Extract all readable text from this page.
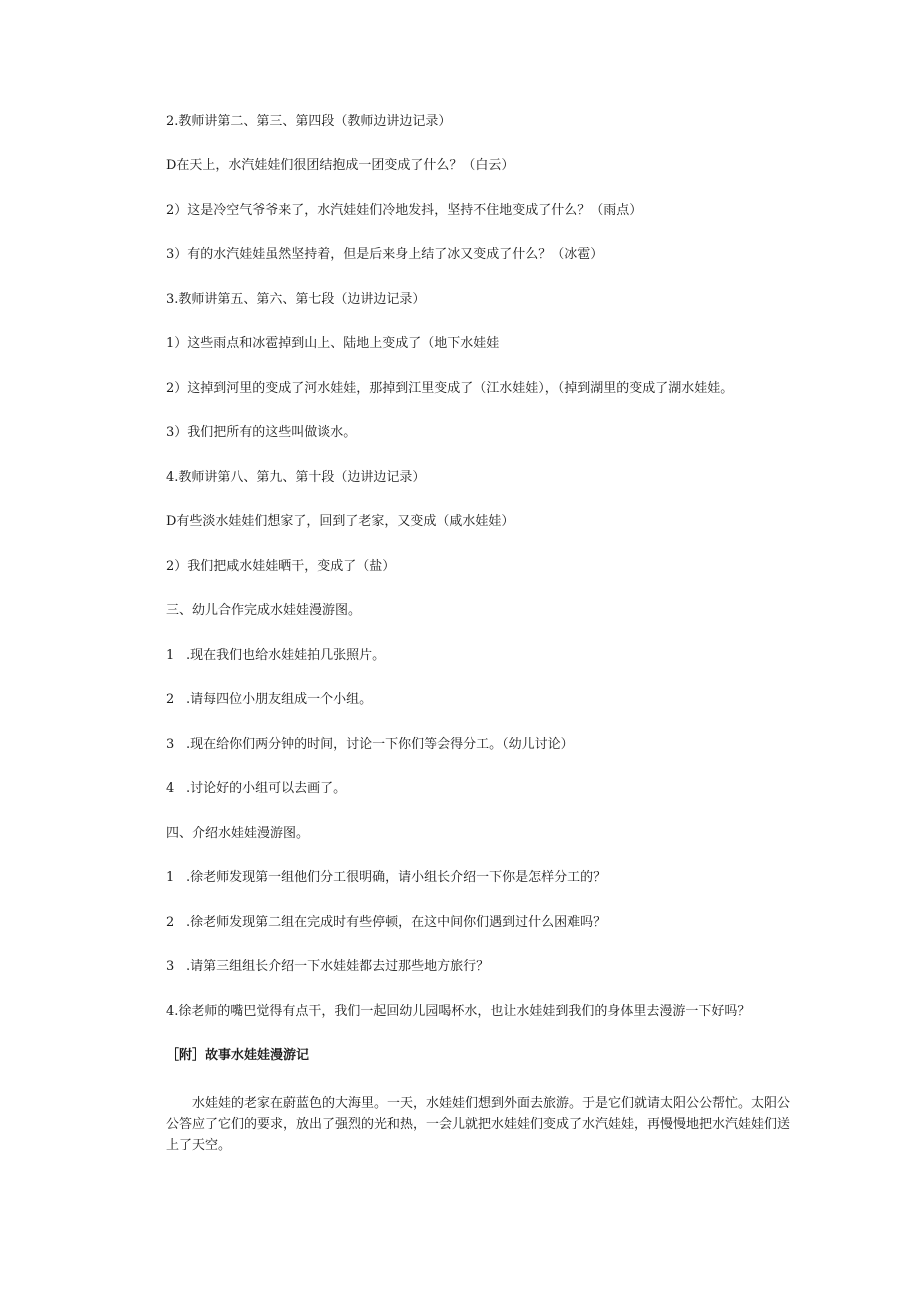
2.教师讲第二、第三、第四段（教师边讲边记录）
D在天上，水汽娃娃们很团结抱成一团变成了什么？（白云）
2）这是冷空气爷爷来了，水汽娃娃们冷地发抖，坚持不住地变成了什么？（雨点）
3）有的水汽娃娃虽然坚持着，但是后来身上结了冰又变成了什么？（冰雹）
3.教师讲第五、第六、第七段（边讲边记录）
1）这些雨点和冰雹掉到山上、陆地上变成了（地下水娃娃
2）这掉到河里的变成了河水娃娃，那掉到江里变成了（江水娃娃），（掉到湖里的变成了湖水娃娃。
3）我们把所有的这些叫做谈水。
4.教师讲第八、第九、第十段（边讲边记录）
D有些淡水娃娃们想家了，回到了老家，又变成（咸水娃娃）
2）我们把咸水娃娃晒干，变成了（盐）
三、幼儿合作完成水娃娃漫游图。
1 .现在我们也给水娃娃拍几张照片。
2 .请每四位小朋友组成一个小组。
3 .现在给你们两分钟的时间，讨论一下你们等会得分工。（幼儿讨论）
4 .讨论好的小组可以去画了。
四、介绍水娃娃漫游图。
1 .徐老师发现第一组他们分工很明确，请小组长介绍一下你是怎样分工的？
2 .徐老师发现第二组在完成时有些停顿，在这中间你们遇到过什么困难吗？
3 .请第三组组长介绍一下水娃娃都去过那些地方旅行？
4.徐老师的嘴巴觉得有点干，我们一起回幼儿园喝杯水，也让水娃娃到我们的身体里去漫游一下好吗？
［附］故事水娃娃漫游记
水娃娃的老家在蔚蓝色的大海里。一天，水娃娃们想到外面去旅游。于是它们就请太阳公公帮忙。太阳公公答应了它们的要求，放出了强烈的光和热，一会儿就把水娃娃们变成了水汽娃娃，再慢慢地把水汽娃娃们送上了天空。
